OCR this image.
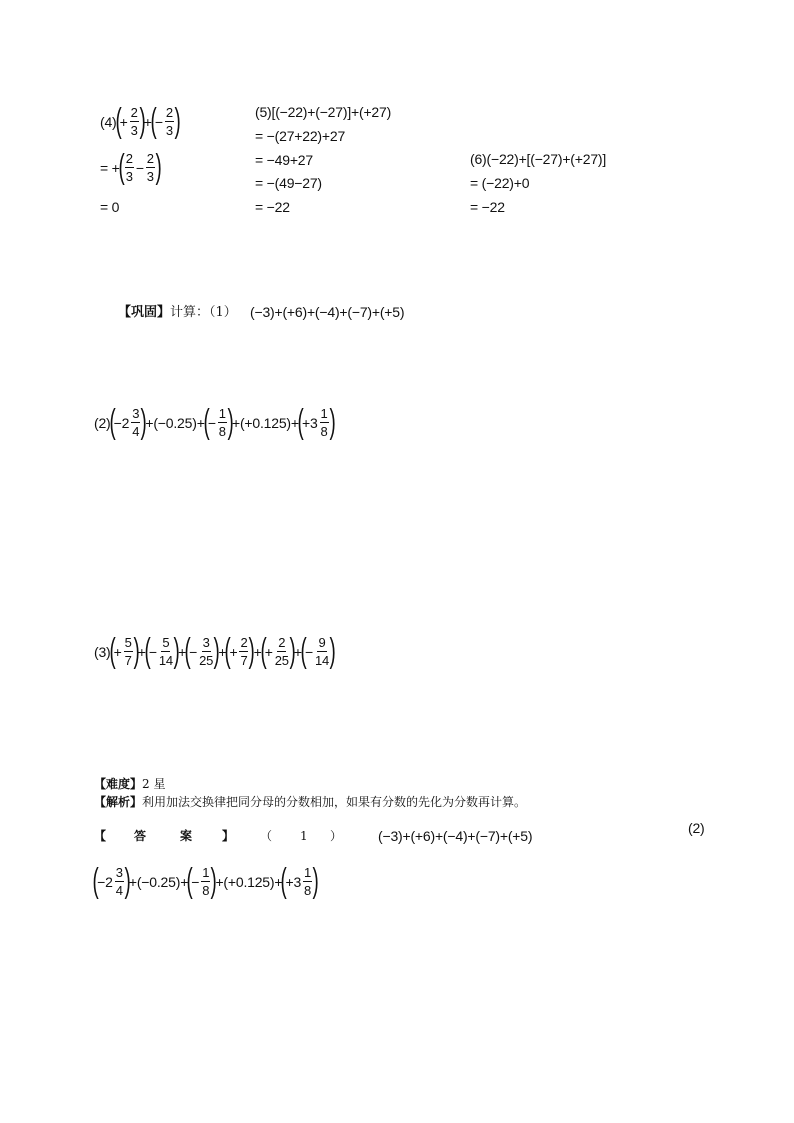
(4)
(
+ $\frac{2}{3}$ )
+
(
− $\frac{2}{3}$ )
= +
( $\frac{2}{3} - \frac{2}{3}$ )
= 0
(5)[(−22)+(−27)]+(+27)
= −(27+22)+27
= −49+27
= −(49−27)
= −22
(6)(−22)+[(−27)+(+27)]
= (−22)+0
= −22
【巩固】计算：（1） (−3)+(+6)+(−4)+(−7)+(+5)
(2)
(
$-2 \frac{3}{4}$ )
+ (−0.25) +
(
− $\frac{1}{8}$ )
+ (+0.125) +
(
$+3 \frac{1}{8}$ )
(3)
(
+ $\frac{5}{7}$ )
+
(
− $\frac{5}{14}$ )
+
(
− $\frac{3}{25}$ )
+
(
+ $\frac{2}{7}$ )
+
(
+ $\frac{2}{25}$ )
+
(
− $\frac{9}{14}$ )
【难度】2 星
【解析】利用加法交换律把同分母的分数相加，如果有分数的先化为分数再计算。
【 答	案 】 （ 1 ）	(−3)+(+6)+(−4)+(−7)+(+5)	(2)
(
$-2 \frac{3}{4}$ )
+ (−0.25) +
(
− $\frac{1}{8}$ )
+ (+0.125) +
(
$+3 \frac{1}{8}$ )
